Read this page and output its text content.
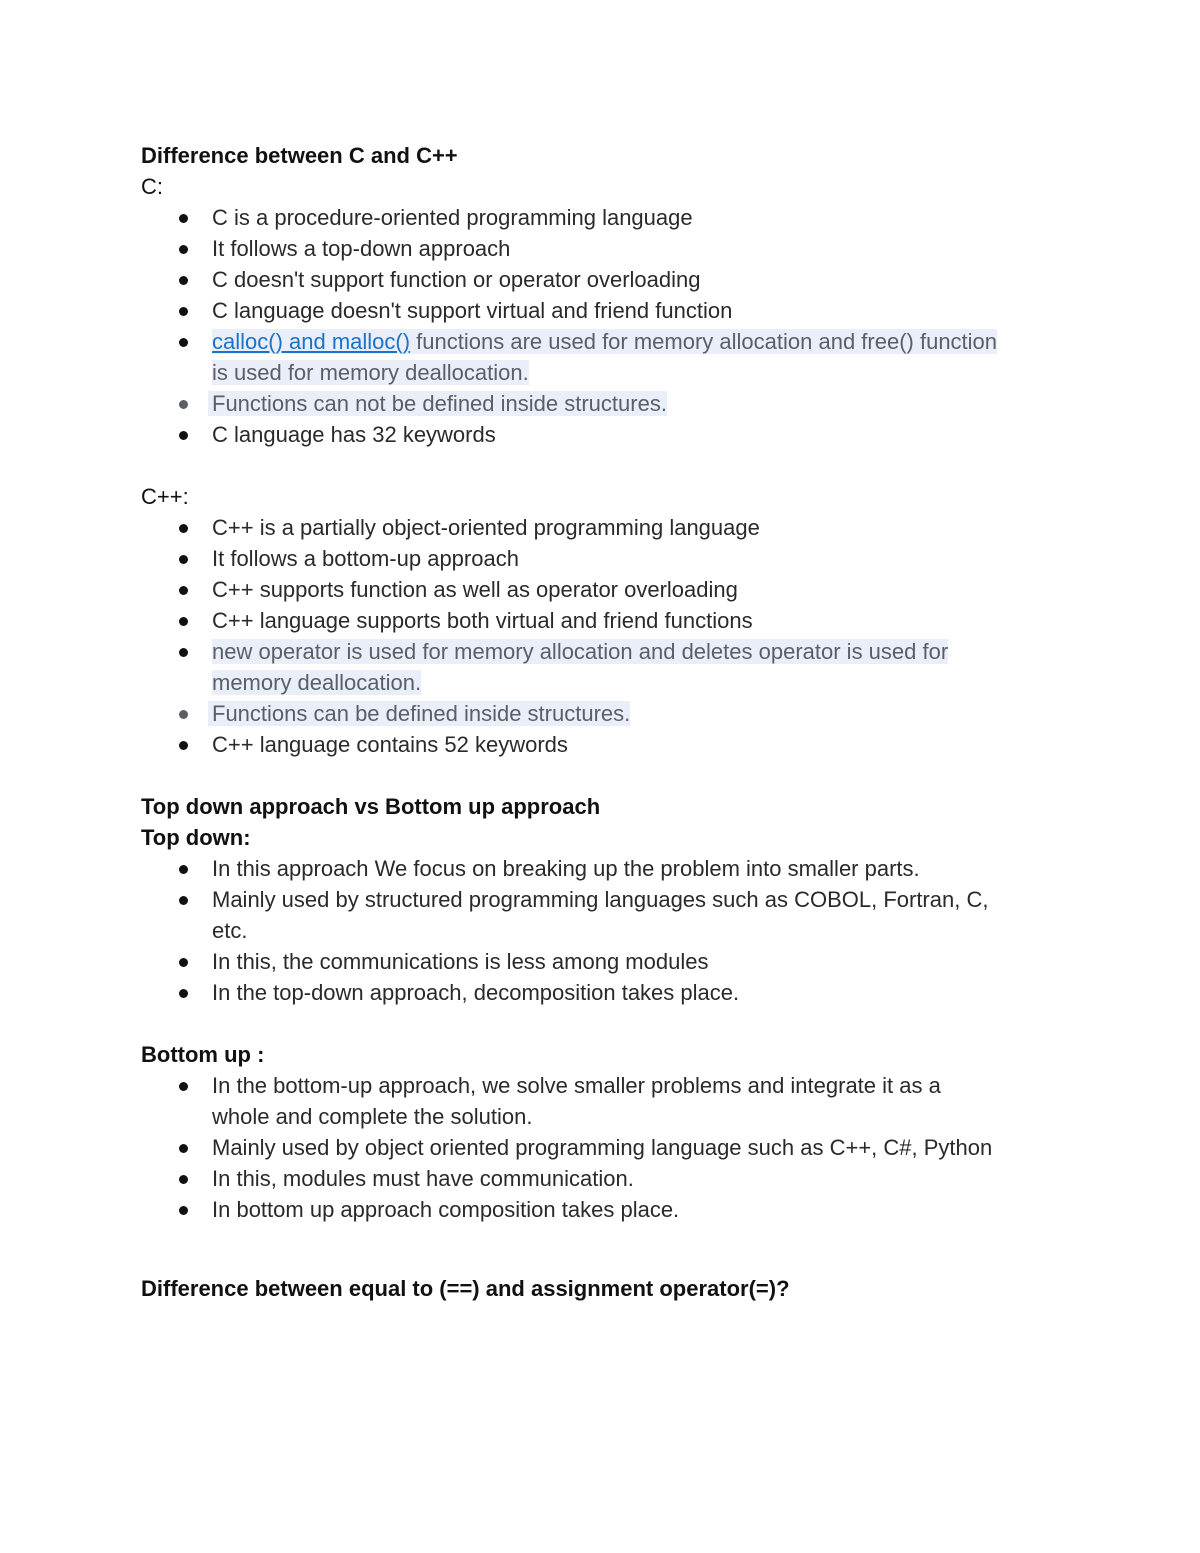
Difference between C and C++
C:
C is a procedure-oriented programming language
It follows a top-down approach
C doesn't support function or operator overloading
C language doesn't support virtual and friend function
calloc() and malloc() functions are used for memory allocation and free() function
is used for memory deallocation.
Functions can not be defined inside structures.
C language has 32 keywords
C++:
C++ is a partially object-oriented programming language
It follows a bottom-up approach
C++ supports function as well as operator overloading
C++ language supports both virtual and friend functions
new operator is used for memory allocation and deletes operator is used for
memory deallocation.
Functions can be defined inside structures.
C++ language contains 52 keywords
Top down approach vs Bottom up approach
Top down:
In this approach We focus on breaking up the problem into smaller parts.
Mainly used by structured programming languages such as COBOL, Fortran, C,
etc.
In this, the communications is less among modules
In the top-down approach, decomposition takes place.
Bottom up :
In the bottom-up approach, we solve smaller problems and integrate it as a
whole and complete the solution.
Mainly used by object oriented programming language such as C++, C#, Python
In this, modules must have communication.
In bottom up approach composition takes place.
Difference between equal to (==) and assignment operator(=)?
